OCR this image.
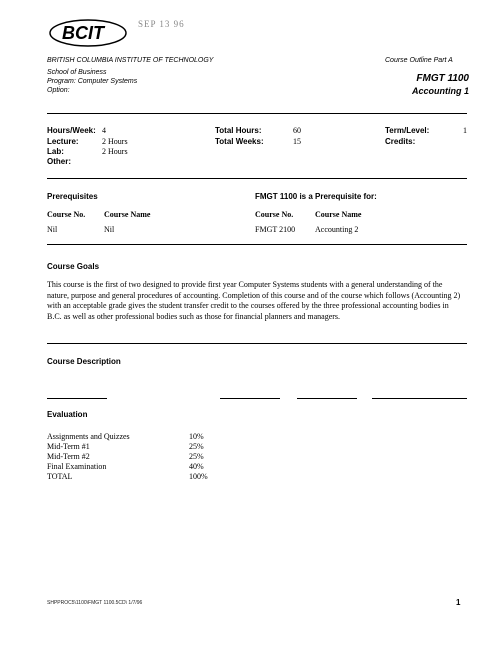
BCIT	SEP 13 96
BRITISH COLUMBIA INSTITUTE OF TECHNOLOGY	Course Outline Part A
School of Business
Program: Computer Systems
Option:
FMGT 1100
Accounting 1
Hours/Week: 4
Lecture:	2 Hours
Lab:	2 Hours
Other:
Total Hours:	60
Total Weeks:	15
Term/Level:	1
Credits:
Prerequisites	FMGT 1100 is a Prerequisite for:
Course No. Course Name	Course No.	Course Name
Nil	Nil	FMGT 2100 Accounting 2
Course Goals
This course is the first of two designed to provide first year Computer Systems students with a general understanding of the nature, purpose and general procedures of accounting. Completion of this course and of the course which follows (Accounting 2) with an acceptable grade gives the student transfer credit to the courses offered by the three professional accounting bodies in B.C. as well as other professional bodies such as those for financial planners and managers.
Course Description
Evaluation
Assignments and Quizzes	10%
Mid-Term #1	25%
Mid-Term #2	25%
Final Examination	40%
TOTAL	100%
SHPPROC5\1100\FMGT 1100.5CD\ 1/7/96	1
